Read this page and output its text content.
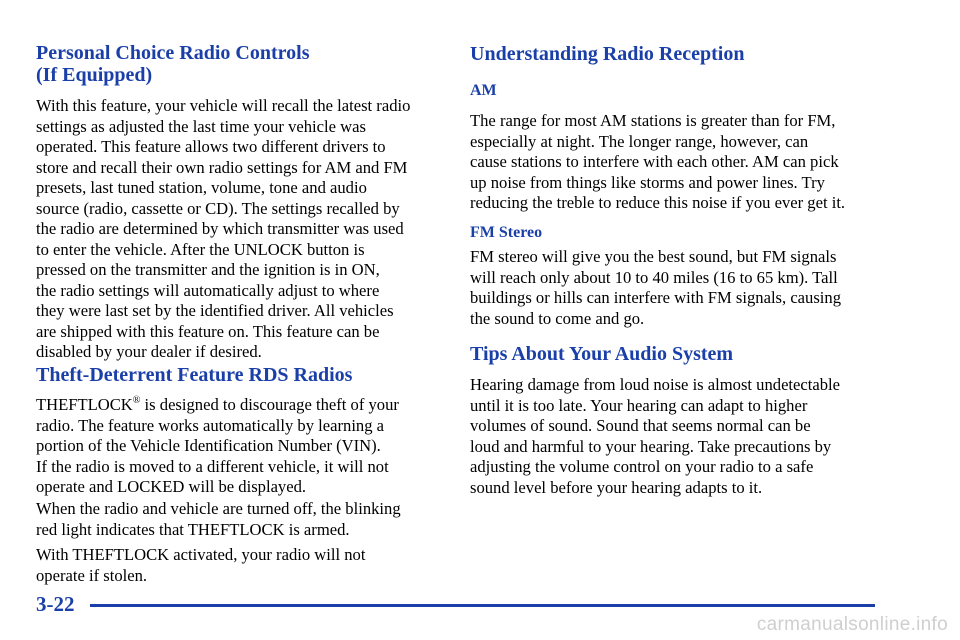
Personal Choice Radio Controls
(If Equipped)

With this feature, your vehicle will recall the latest radio
settings as adjusted the last time your vehicle was
operated. This feature allows two different drivers to
store and recall their own radio settings for AM and FM
presets, last tuned station, volume, tone and audio
source (radio, cassette or CD). The settings recalled by
the radio are determined by which transmitter was used
to enter the vehicle. After the UNLOCK button is
pressed on the transmitter and the ignition is in ON,
the radio settings will automatically adjust to where
they were last set by the identified driver. All vehicles
are shipped with this feature on. This feature can be
disabled by your dealer if desired.

Theft-Deterrent Feature RDS Radios

THEFTLOCK® is designed to discourage theft of your
radio. The feature works automatically by learning a
portion of the Vehicle Identification Number (VIN).
If the radio is moved to a different vehicle, it will not
operate and LOCKED will be displayed.

When the radio and vehicle are turned off, the blinking
red light indicates that THEFTLOCK is armed.

With THEFTLOCK activated, your radio will not
operate if stolen.

Understanding Radio Reception
AM

The range for most AM stations is greater than for FM,
especially at night. The longer range, however, can
cause stations to interfere with each other. AM can pick
up noise from things like storms and power lines. Try
reducing the treble to reduce this noise if you ever get it.

FM Stereo

FM stereo will give you the best sound, but FM signals
will reach only about 10 to 40 miles (16 to 65 km). Tall
buildings or hills can interfere with FM signals, causing
the sound to come and go.

Tips About Your Audio System

Hearing damage from loud noise is almost undetectable
until it is too late. Your hearing can adapt to higher
volumes of sound. Sound that seems normal can be
loud and harmful to your hearing. Take precautions by
adjusting the volume control on your radio to a safe
sound level before your hearing adapts to it.

3-22
carmanualsonline.info
